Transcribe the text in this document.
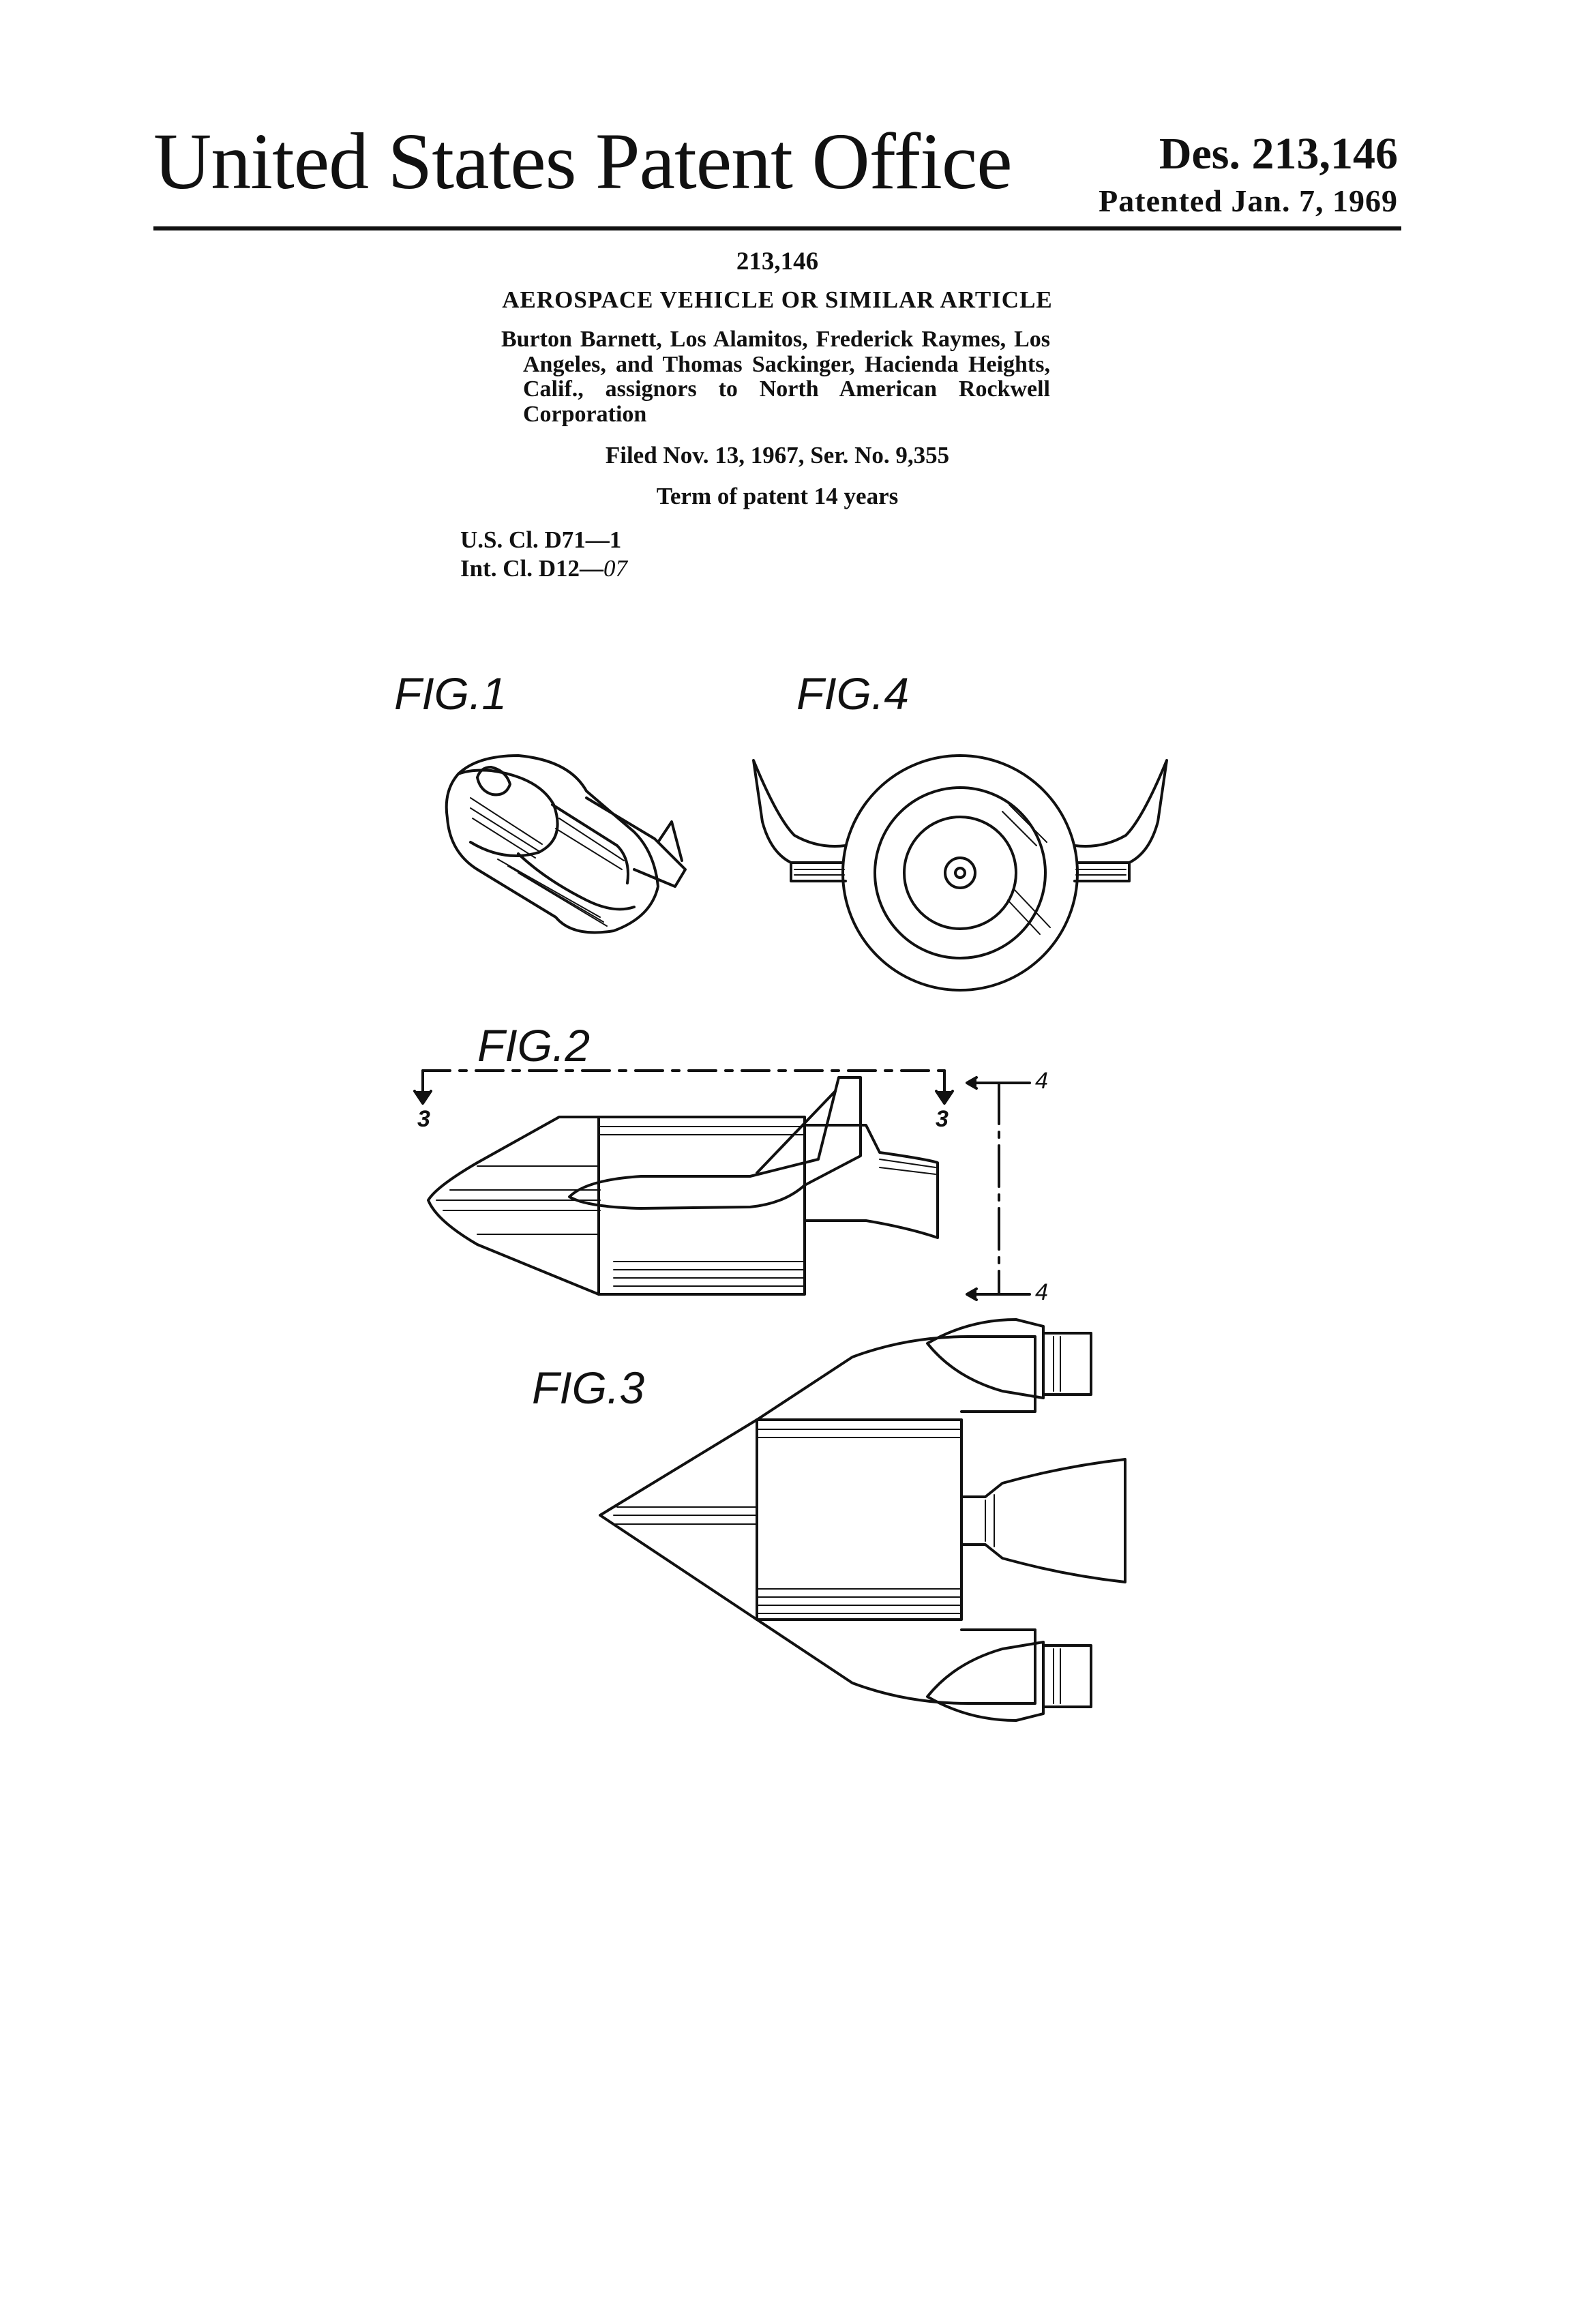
United States Patent Office	Des. 213,146
Patented Jan. 7, 1969
213,146
AEROSPACE VEHICLE OR SIMILAR ARTICLE
Burton Barnett, Los Alamitos, Frederick Raymes, Los Angeles, and Thomas Sackinger, Hacienda Heights, Calif., assignors to North American Rockwell Corporation
Filed Nov. 13, 1967, Ser. No. 9,355
Term of patent 14 years
U.S. Cl. D71—1
Int. Cl. D12—07
FIG.1	FIG.4
FIG.2
3	3
4
4
FIG.3
